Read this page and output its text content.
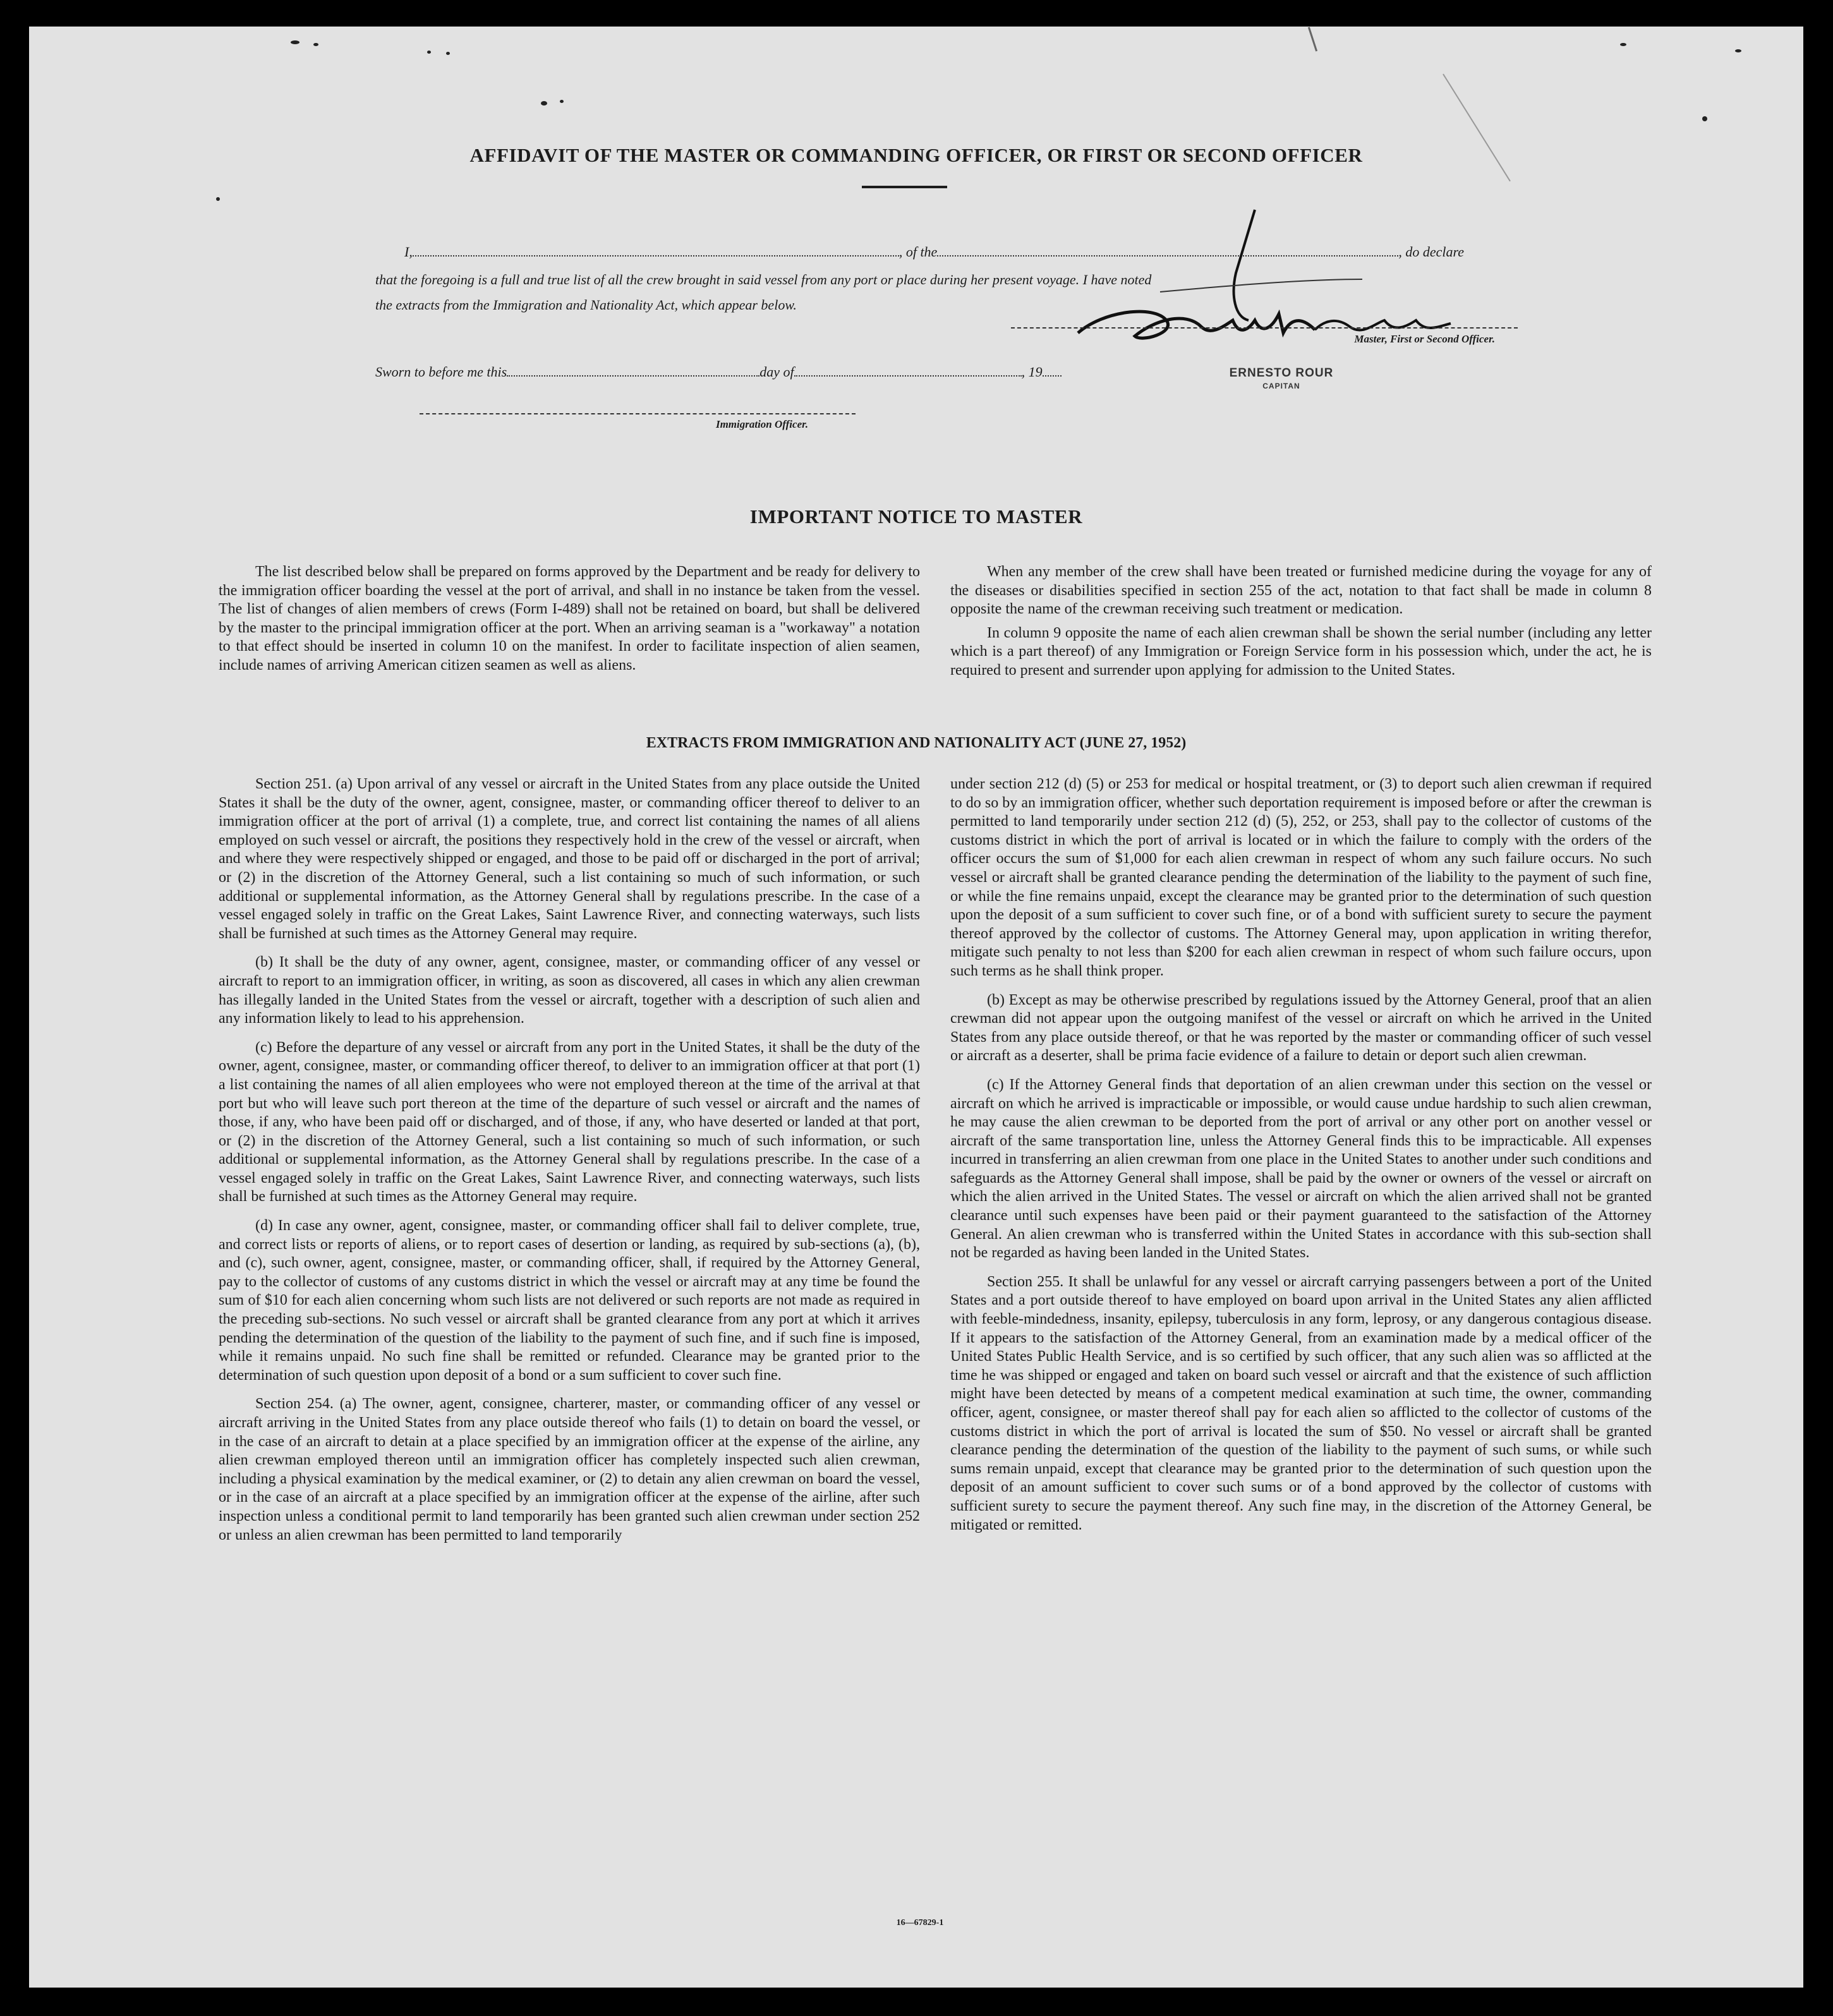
AFFIDAVIT OF THE MASTER OR COMMANDING OFFICER, OR FIRST OR SECOND OFFICER
I,	, of the	, do declare
that the foregoing is a full and true list of all the crew brought in said vessel from any port or place during her present voyage. I have noted
the extracts from the Immigration and Nationality Act, which appear below.
Master, First or Second Officer.
Sworn to before me this	day of	, 19	ERNESTO ROUR
CAPITAN
Immigration Officer.
IMPORTANT NOTICE TO MASTER

The list described below shall be prepared on forms approved by the Department and be ready for delivery to the immigration officer boarding the vessel at the port of arrival, and shall in no instance be taken from the vessel. The list of changes of alien members of crews (Form I-489) shall not be retained on board, but shall be delivered by the master to the principal immigration officer at the port. When an arriving seaman is a "workaway" a notation to that effect should be inserted in column 10 on the manifest. In order to facilitate inspection of alien seamen, include names of arriving American citizen seamen as well as aliens.

When any member of the crew shall have been treated or furnished medicine during the voyage for any of the diseases or disabilities specified in section 255 of the act, notation to that fact shall be made in column 8 opposite the name of the crewman receiving such treatment or medication.

In column 9 opposite the name of each alien crewman shall be shown the serial number (including any letter which is a part thereof) of any Immigration or Foreign Service form in his possession which, under the act, he is required to present and surrender upon applying for admission to the United States.

EXTRACTS FROM IMMIGRATION AND NATIONALITY ACT (JUNE 27, 1952)

Section 251. (a) Upon arrival of any vessel or aircraft in the United States from any place outside the United States it shall be the duty of the owner, agent, consignee, master, or commanding officer thereof to deliver to an immigration officer at the port of arrival (1) a complete, true, and correct list containing the names of all aliens employed on such vessel or aircraft, the positions they respectively hold in the crew of the vessel or aircraft, when and where they were respectively shipped or engaged, and those to be paid off or discharged in the port of arrival; or (2) in the discretion of the Attorney General, such a list containing so much of such information, or such additional or supplemental information, as the Attorney General shall by regulations prescribe. In the case of a vessel engaged solely in traffic on the Great Lakes, Saint Lawrence River, and connecting waterways, such lists shall be furnished at such times as the Attorney General may require.

(b) It shall be the duty of any owner, agent, consignee, master, or commanding officer of any vessel or aircraft to report to an immigration officer, in writing, as soon as discovered, all cases in which any alien crewman has illegally landed in the United States from the vessel or aircraft, together with a description of such alien and any information likely to lead to his apprehension.

(c) Before the departure of any vessel or aircraft from any port in the United States, it shall be the duty of the owner, agent, consignee, master, or commanding officer thereof, to deliver to an immigration officer at that port (1) a list containing the names of all alien employees who were not employed thereon at the time of the arrival at that port but who will leave such port thereon at the time of the departure of such vessel or aircraft and the names of those, if any, who have been paid off or discharged, and of those, if any, who have deserted or landed at that port, or (2) in the discretion of the Attorney General, such a list containing so much of such information, or such additional or supplemental information, as the Attorney General shall by regulations prescribe. In the case of a vessel engaged solely in traffic on the Great Lakes, Saint Lawrence River, and connecting waterways, such lists shall be furnished at such times as the Attorney General may require.

(d) In case any owner, agent, consignee, master, or commanding officer shall fail to deliver complete, true, and correct lists or reports of aliens, or to report cases of desertion or landing, as required by sub-sections (a), (b), and (c), such owner, agent, consignee, master, or commanding officer, shall, if required by the Attorney General, pay to the collector of customs of any customs district in which the vessel or aircraft may at any time be found the sum of $10 for each alien concerning whom such lists are not delivered or such reports are not made as required in the preceding sub-sections. No such vessel or aircraft shall be granted clearance from any port at which it arrives pending the determination of the question of the liability to the payment of such fine, and if such fine is imposed, while it remains unpaid. No such fine shall be remitted or refunded. Clearance may be granted prior to the determination of such question upon deposit of a bond or a sum sufficient to cover such fine.

Section 254. (a) The owner, agent, consignee, charterer, master, or commanding officer of any vessel or aircraft arriving in the United States from any place outside thereof who fails (1) to detain on board the vessel, or in the case of an aircraft to detain at a place specified by an immigration officer at the expense of the airline, any alien crewman employed thereon until an immigration officer has completely inspected such alien crewman, including a physical examination by the medical examiner, or (2) to detain any alien crewman on board the vessel, or in the case of an aircraft at a place specified by an immigration officer at the expense of the airline, after such inspection unless a conditional permit to land temporarily has been granted such alien crewman under section 252 or unless an alien crewman has been permitted to land temporarily

under section 212 (d) (5) or 253 for medical or hospital treatment, or (3) to deport such alien crewman if required to do so by an immigration officer, whether such deportation requirement is imposed before or after the crewman is permitted to land temporarily under section 212 (d) (5), 252, or 253, shall pay to the collector of customs of the customs district in which the port of arrival is located or in which the failure to comply with the orders of the officer occurs the sum of $1,000 for each alien crewman in respect of whom any such failure occurs. No such vessel or aircraft shall be granted clearance pending the determination of the liability to the payment of such fine, or while the fine remains unpaid, except the clearance may be granted prior to the determination of such question upon the deposit of a sum sufficient to cover such fine, or of a bond with sufficient surety to secure the payment thereof approved by the collector of customs. The Attorney General may, upon application in writing therefor, mitigate such penalty to not less than $200 for each alien crewman in respect of whom such failure occurs, upon such terms as he shall think proper.

(b) Except as may be otherwise prescribed by regulations issued by the Attorney General, proof that an alien crewman did not appear upon the outgoing manifest of the vessel or aircraft on which he arrived in the United States from any place outside thereof, or that he was reported by the master or commanding officer of such vessel or aircraft as a deserter, shall be prima facie evidence of a failure to detain or deport such alien crewman.

(c) If the Attorney General finds that deportation of an alien crewman under this section on the vessel or aircraft on which he arrived is impracticable or impossible, or would cause undue hardship to such alien crewman, he may cause the alien crewman to be deported from the port of arrival or any other port on another vessel or aircraft of the same transportation line, unless the Attorney General finds this to be impracticable. All expenses incurred in transferring an alien crewman from one place in the United States to another under such conditions and safeguards as the Attorney General shall impose, shall be paid by the owner or owners of the vessel or aircraft on which the alien arrived in the United States. The vessel or aircraft on which the alien arrived shall not be granted clearance until such expenses have been paid or their payment guaranteed to the satisfaction of the Attorney General. An alien crewman who is transferred within the United States in accordance with this sub-section shall not be regarded as having been landed in the United States.

Section 255. It shall be unlawful for any vessel or aircraft carrying passengers between a port of the United States and a port outside thereof to have employed on board upon arrival in the United States any alien afflicted with feeble-mindedness, insanity, epilepsy, tuberculosis in any form, leprosy, or any dangerous contagious disease. If it appears to the satisfaction of the Attorney General, from an examination made by a medical officer of the United States Public Health Service, and is so certified by such officer, that any such alien was so afflicted at the time he was shipped or engaged and taken on board such vessel or aircraft and that the existence of such affliction might have been detected by means of a competent medical examination at such time, the owner, commanding officer, agent, consignee, or master thereof shall pay for each alien so afflicted to the collector of customs of the customs district in which the port of arrival is located the sum of $50. No vessel or aircraft shall be granted clearance pending the determination of the question of the liability to the payment of such sums, or while such sums remain unpaid, except that clearance may be granted prior to the determination of such question upon the deposit of an amount sufficient to cover such sums or of a bond approved by the collector of customs with sufficient surety to secure the payment thereof. Any such fine may, in the discretion of the Attorney General, be mitigated or remitted.

16—67829-1
